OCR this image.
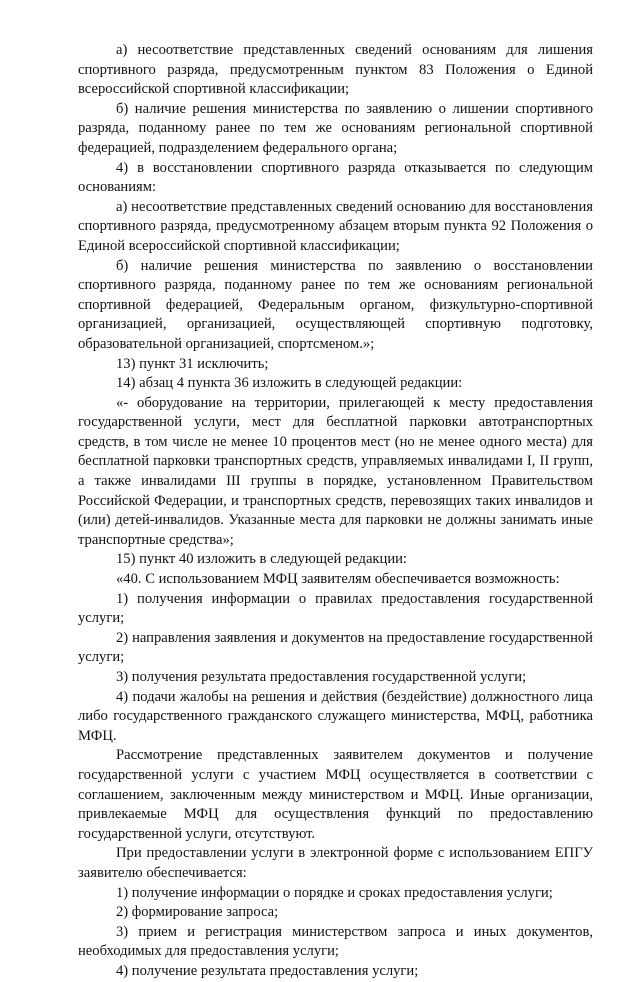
а) несоответствие представленных сведений основаниям для лишения спортивного разряда, предусмотренным пунктом 83 Положения о Единой всероссийской спортивной классификации;

б) наличие решения министерства по заявлению о лишении спортивного разряда, поданному ранее по тем же основаниям региональной спортивной федерацией, подразделением федерального органа;

4) в восстановлении спортивного разряда отказывается по следующим основаниям:

а) несоответствие представленных сведений основанию для восстановления спортивного разряда, предусмотренному абзацем вторым пункта 92 Положения о Единой всероссийской спортивной классификации;

б) наличие решения министерства по заявлению о восстановлении спортивного разряда, поданному ранее по тем же основаниям региональной спортивной федерацией, Федеральным органом, физкультурно-спортивной организацией, организацией, осуществляющей спортивную подготовку, образовательной организацией, спортсменом.»;

13) пункт 31 исключить;

14) абзац 4 пункта 36 изложить в следующей редакции:

«- оборудование на территории, прилегающей к месту предоставления государственной услуги, мест для бесплатной парковки автотранспортных средств, в том числе не менее 10 процентов мест (но не менее одного места) для бесплатной парковки транспортных средств, управляемых инвалидами I, II групп, а также инвалидами III группы в порядке, установленном Правительством Российской Федерации, и транспортных средств, перевозящих таких инвалидов и (или) детей-инвалидов. Указанные места для парковки не должны занимать иные транспортные средства»;

15) пункт 40 изложить в следующей редакции:

«40. С использованием МФЦ заявителям обеспечивается возможность:

1) получения информации о правилах предоставления государственной услуги;

2) направления заявления и документов на предоставление государственной услуги;

3) получения результата предоставления государственной услуги;

4) подачи жалобы на решения и действия (бездействие) должностного лица либо государственного гражданского служащего министерства, МФЦ, работника МФЦ.

Рассмотрение представленных заявителем документов и получение государственной услуги с участием МФЦ осуществляется в соответствии с соглашением, заключенным между министерством и МФЦ. Иные организации, привлекаемые МФЦ для осуществления функций по предоставлению государственной услуги, отсутствуют.

При предоставлении услуги в электронной форме с использованием ЕПГУ заявителю обеспечивается:

1) получение информации о порядке и сроках предоставления услуги;

2) формирование запроса;

3) прием и регистрация министерством запроса и иных документов, необходимых для предоставления услуги;

4) получение результата предоставления услуги;
